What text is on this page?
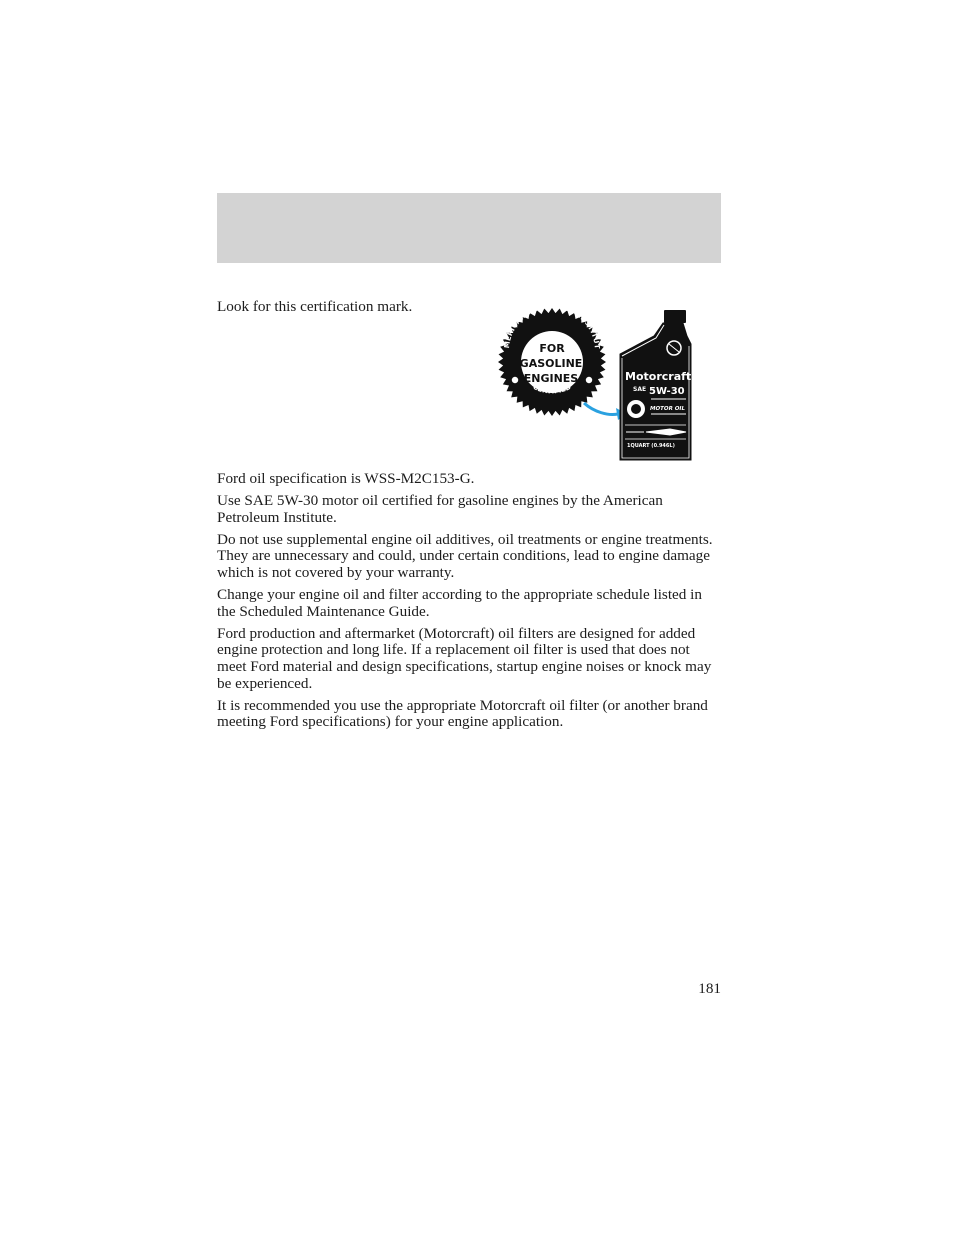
Look for this certification mark.
MERICAN PE UM INSTITUT
CERTIFIED
FOR
GASOLINE
ENGINES	Motorcraft
SAE 5W-30
MOTOR OIL
1QUART (0.946L)

Ford oil specification is WSS-M2C153-G.

Use SAE 5W-30 motor oil certified for gasoline engines by the American Petroleum Institute.

Do not use supplemental engine oil additives, oil treatments or engine treatments. They are unnecessary and could, under certain conditions, lead to engine damage which is not covered by your warranty.

Change your engine oil and filter according to the appropriate schedule listed in the Scheduled Maintenance Guide.

Ford production and aftermarket (Motorcraft) oil filters are designed for added engine protection and long life. If a replacement oil filter is used that does not meet Ford material and design specifications, startup engine noises or knock may be experienced.

It is recommended you use the appropriate Motorcraft oil filter (or another brand meeting Ford specifications) for your engine application.

181
